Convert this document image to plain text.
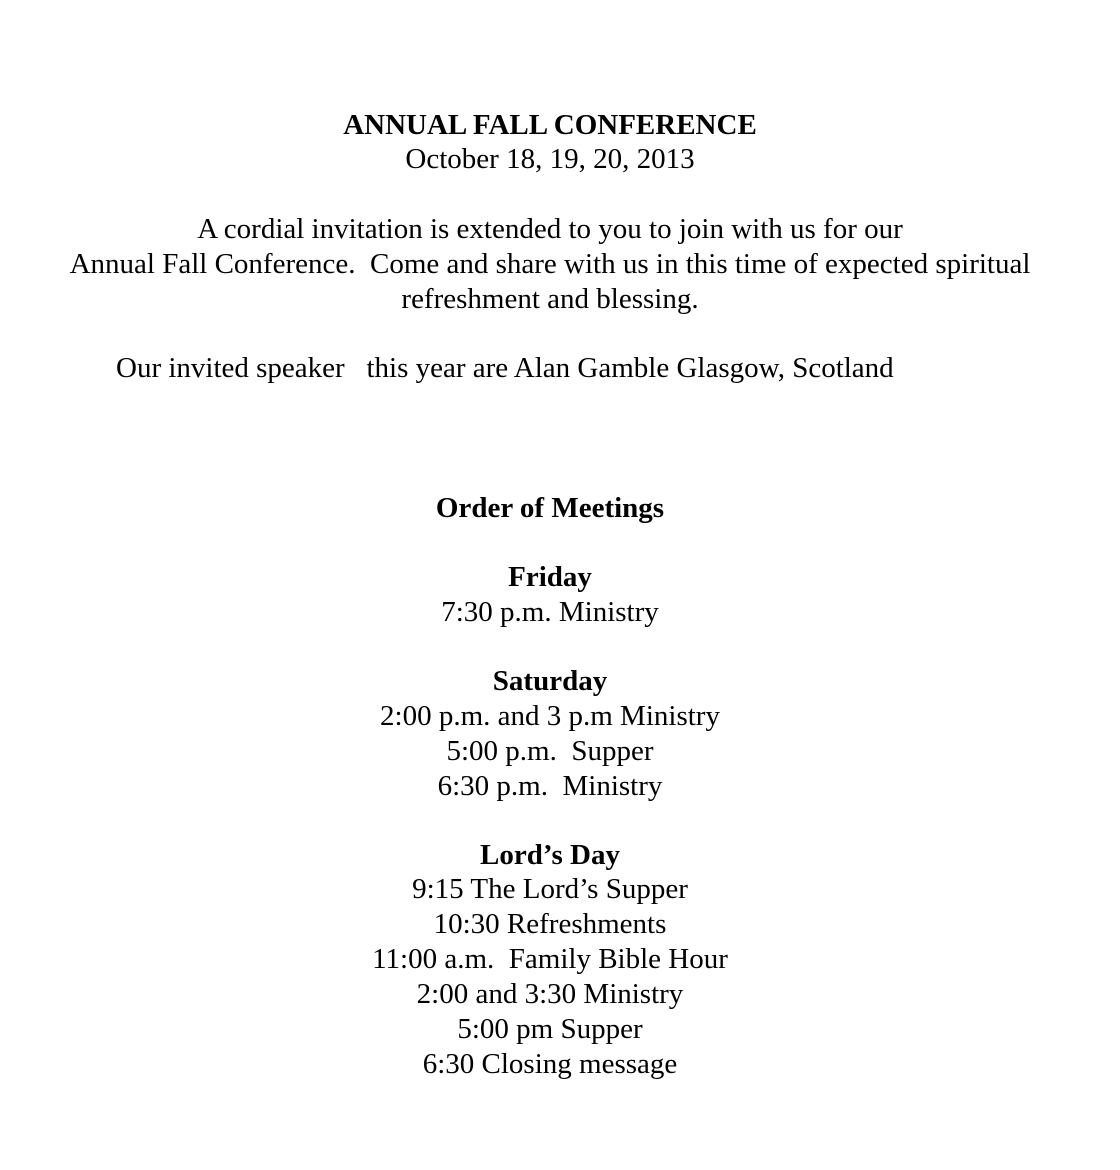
ANNUAL FALL CONFERENCE
October 18, 19, 20, 2013
A cordial invitation is extended to you to join with us for our
Annual Fall Conference.  Come and share with us in this time of expected spiritual
refreshment and blessing.
Our invited speaker   this year are Alan Gamble Glasgow, Scotland
Order of Meetings
Friday
7:30 p.m. Ministry
Saturday
2:00 p.m. and 3 p.m Ministry
5:00 p.m.  Supper
6:30 p.m.  Ministry
Lord’s Day
9:15 The Lord’s Supper
10:30 Refreshments
11:00 a.m.  Family Bible Hour
2:00 and 3:30 Ministry
5:00 pm Supper
6:30 Closing message
